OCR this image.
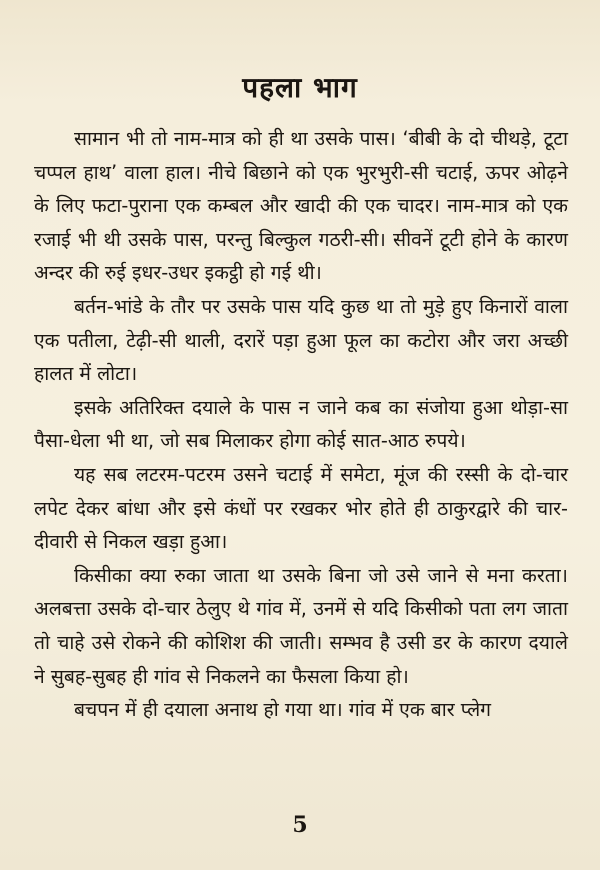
पहला भाग

सामान भी तो नाम-मात्र को ही था उसके पास। ‘बीबी के दो चीथड़े, टूटा चप्पल हाथ’ वाला हाल। नीचे बिछाने को एक भुरभुरी-सी चटाई, ऊपर ओढ़ने के लिए फटा-पुराना एक कम्बल और खादी की एक चादर। नाम-मात्र को एक रजाई भी थी उसके पास, परन्तु बिल्कुल गठरी-सी। सीवनें टूटी होने के कारण अन्दर की रुई इधर-उधर इकट्ठी हो गई थी।

बर्तन-भांडे के तौर पर उसके पास यदि कुछ था तो मुड़े हुए किनारों वाला एक पतीला, टेढ़ी-सी थाली, दरारें पड़ा हुआ फूल का कटोरा और जरा अच्छी हालत में लोटा।

इसके अतिरिक्त दयाले के पास न जाने कब का संजोया हुआ थोड़ा-सा पैसा-धेला भी था, जो सब मिलाकर होगा कोई सात-आठ रुपये।

यह सब लटरम-पटरम उसने चटाई में समेटा, मूंज की रस्सी के दो-चार लपेट देकर बांधा और इसे कंधों पर रखकर भोर होते ही ठाकुरद्वारे की चार-दीवारी से निकल खड़ा हुआ।

किसीका क्या रुका जाता था उसके बिना जो उसे जाने से मना करता। अलबत्ता उसके दो-चार ठेलुए थे गांव में, उनमें से यदि किसीको पता लग जाता तो चाहे उसे रोकने की कोशिश की जाती। सम्भव है उसी डर के कारण दयाले ने सुबह-सुबह ही गांव से निकलने का फैसला किया हो।

बचपन में ही दयाला अनाथ हो गया था। गांव में एक बार प्लेग

5
